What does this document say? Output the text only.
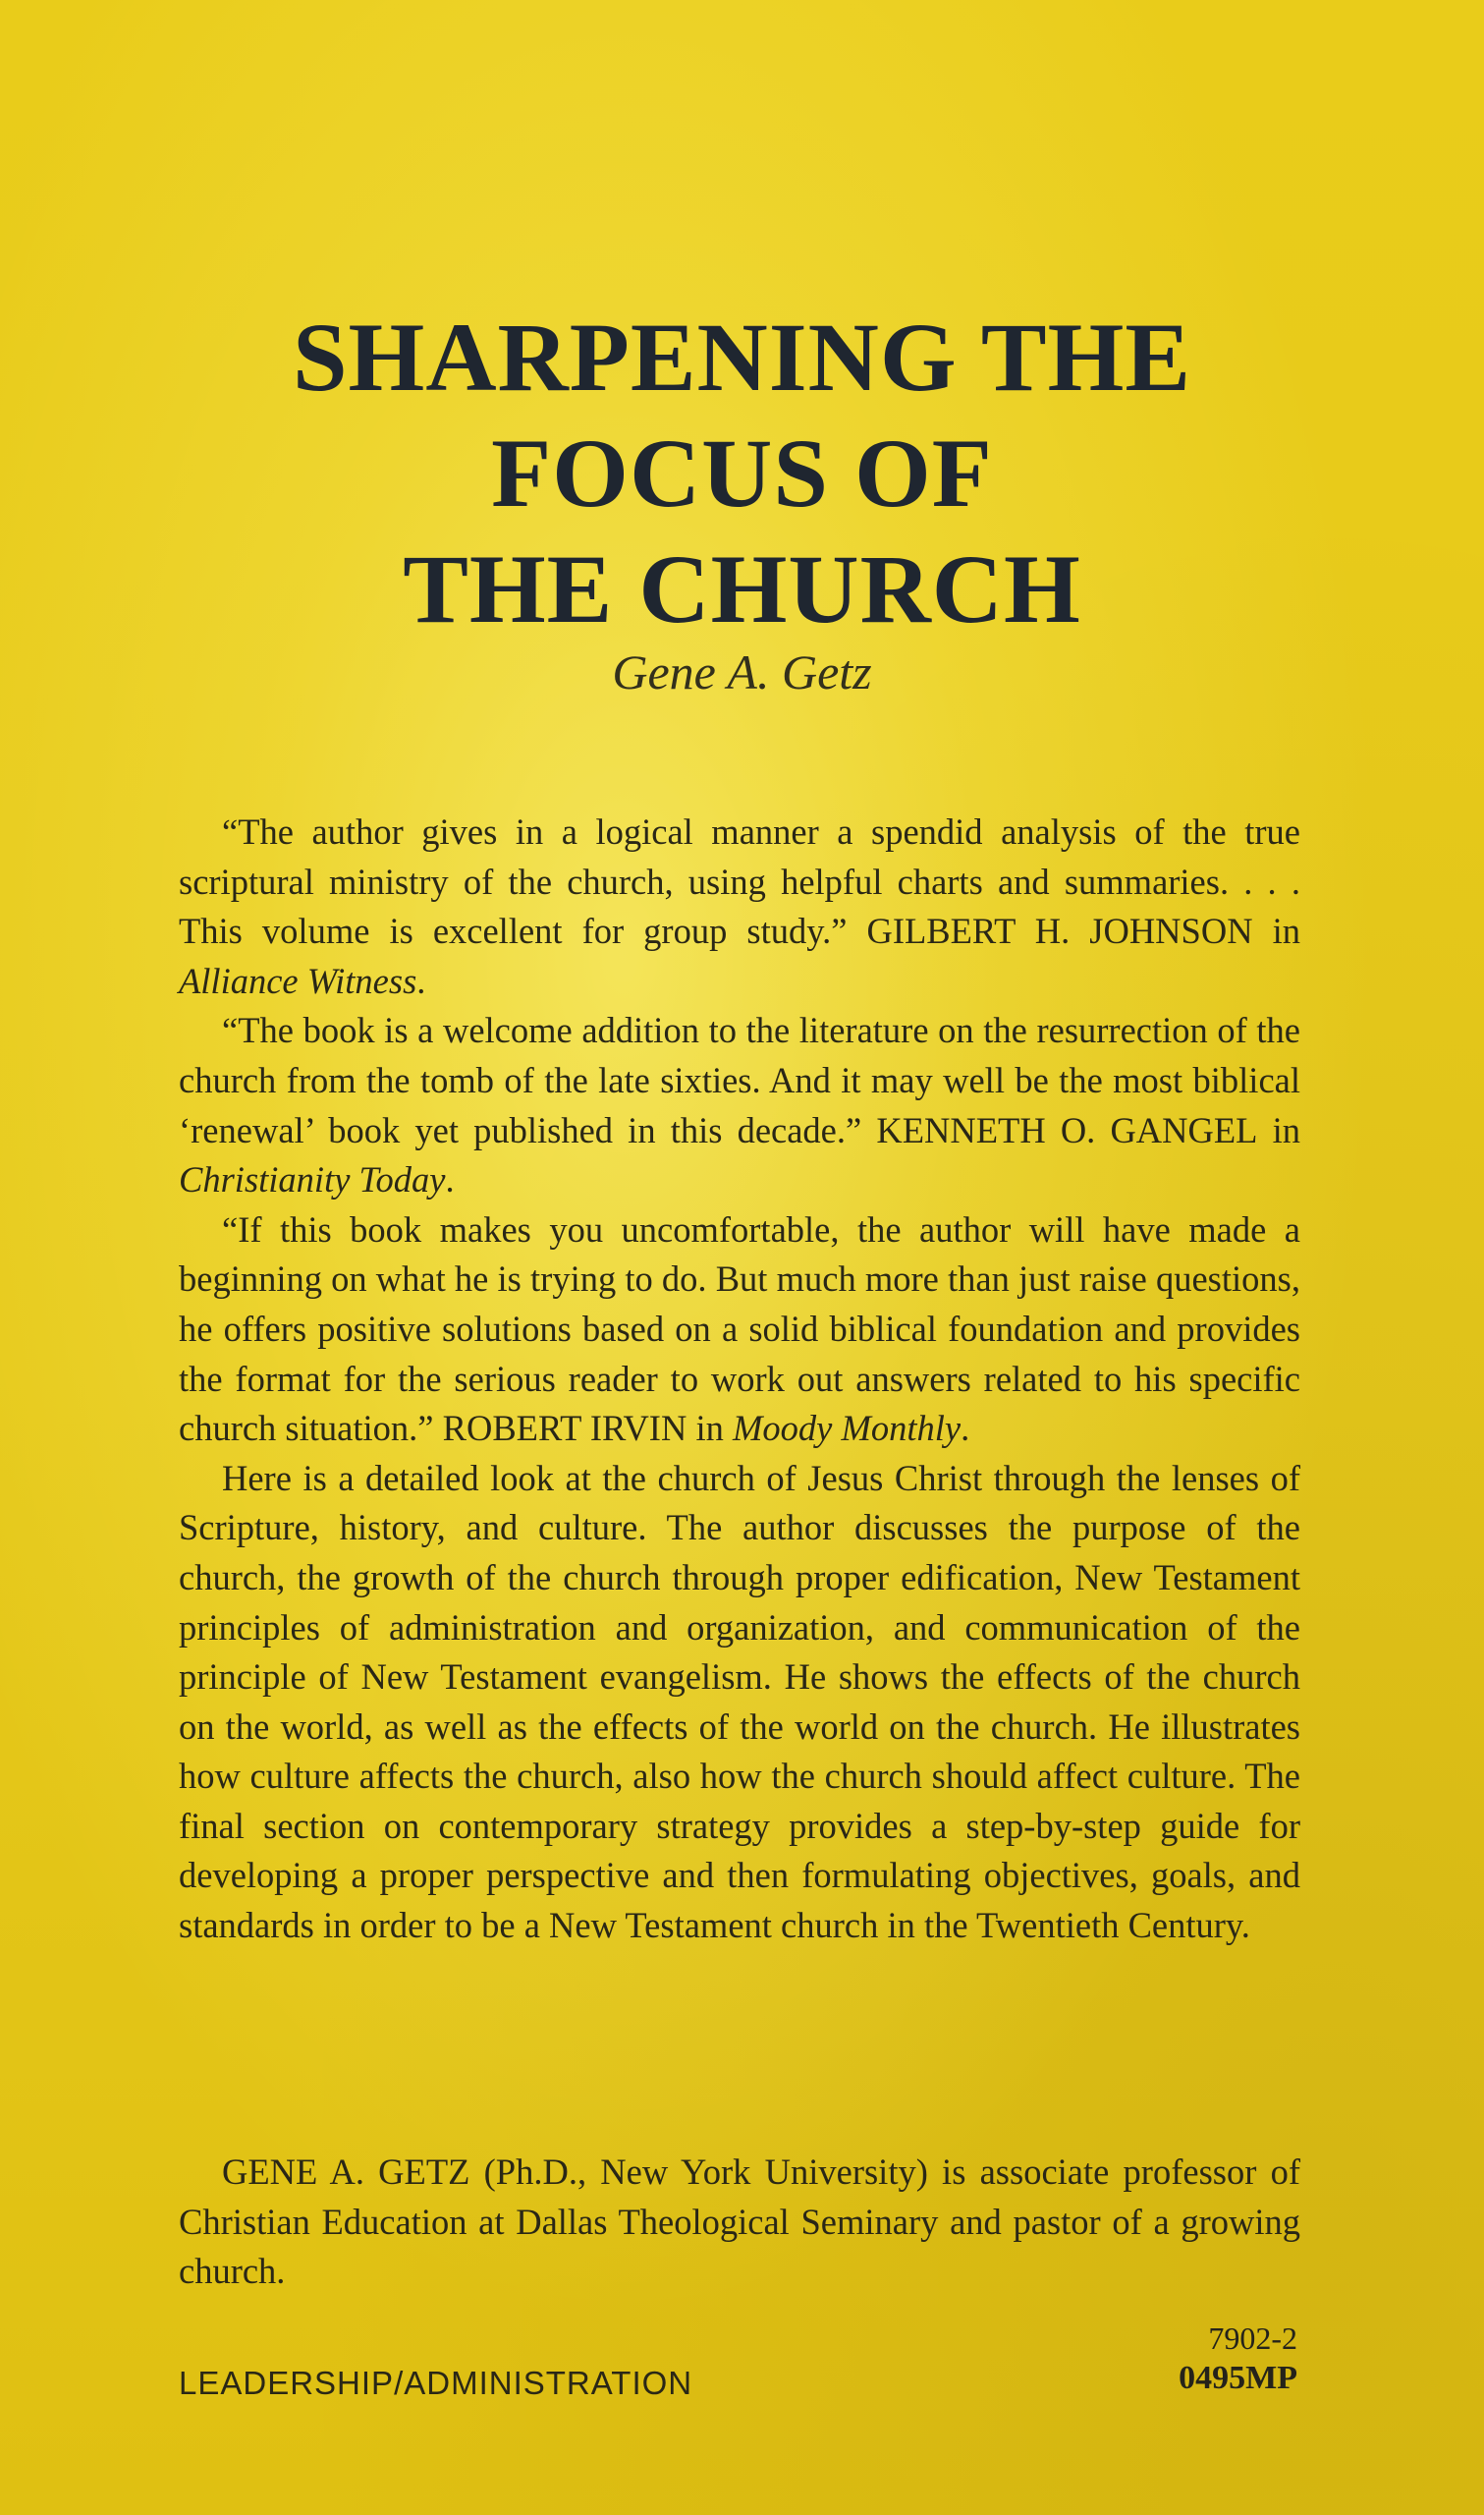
SHARPENING THE
FOCUS OF
THE CHURCH
Gene A. Getz

“The author gives in a logical manner a spendid analysis of the true scriptural ministry of the church, using helpful charts and summaries. . . . This volume is excellent for group study.” GILBERT H. JOHNSON in Alliance Witness.

“The book is a welcome addition to the literature on the resurrection of the church from the tomb of the late sixties. And it may well be the most biblical ‘renewal’ book yet published in this decade.” KENNETH O. GANGEL in Christianity Today.

“If this book makes you uncomfortable, the author will have made a beginning on what he is trying to do. But much more than just raise questions, he offers positive solutions based on a solid biblical foundation and provides the format for the serious reader to work out answers related to his specific church situation.” ROBERT IRVIN in Moody Monthly.

Here is a detailed look at the church of Jesus Christ through the lenses of Scripture, history, and culture. The author discusses the purpose of the church, the growth of the church through proper edification, New Testament principles of administration and organization, and communication of the principle of New Testament evangelism. He shows the effects of the church on the world, as well as the effects of the world on the church. He illustrates how culture affects the church, also how the church should affect culture. The final section on contemporary strategy provides a step-by-step guide for developing a proper perspective and then formulating objectives, goals, and standards in order to be a New Testament church in the Twentieth Century.

GENE A. GETZ (Ph.D., New York University) is associate professor of Christian Education at Dallas Theological Seminary and pastor of a growing church.

LEADERSHIP/ADMINISTRATION
7902-2
0495MP
